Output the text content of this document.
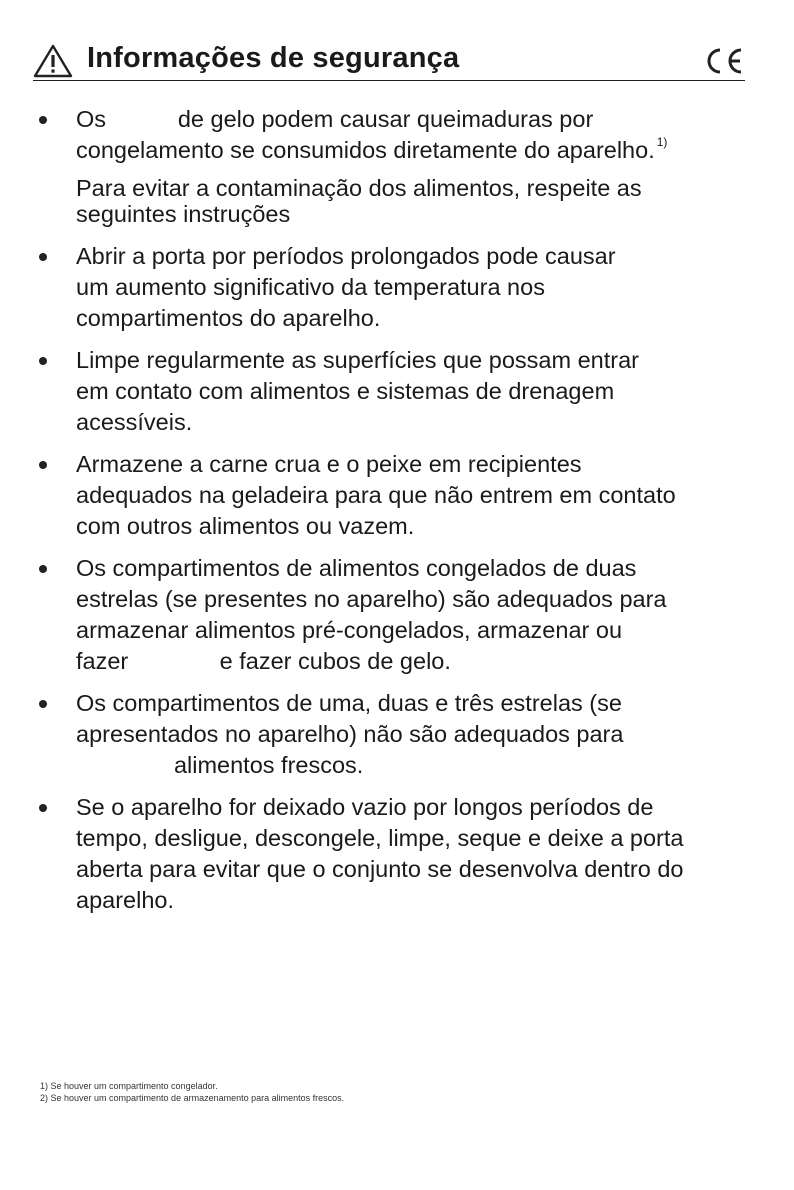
Informações de segurança
Os           de gelo podem causar queimaduras por
congelamento se consumidos diretamente do aparelho. $^{1)}$
Para evitar a contaminação dos alimentos, respeite as
seguintes instruções
Abrir a porta por períodos prolongados pode causar
um aumento significativo da temperatura nos
compartimentos do aparelho.
Limpe regularmente as superfícies que possam entrar
em contato com alimentos e sistemas de drenagem
acessíveis.
Armazene a carne crua e o peixe em recipientes
adequados na geladeira para que não entrem em contato
com outros alimentos ou vazem.
Os compartimentos de alimentos congelados de duas
estrelas (se presentes no aparelho) são adequados para
armazenar alimentos pré-congelados, armazenar ou
fazer              e fazer cubos de gelo.
Os compartimentos de uma, duas e três estrelas (se
apresentados no aparelho) não são adequados para
alimentos frescos.
Se o aparelho for deixado vazio por longos períodos de
tempo, desligue, descongele, limpe, seque e deixe a porta
aberta para evitar que o conjunto se desenvolva dentro do
aparelho.
1) Se houver um compartimento congelador.
2) Se houver um compartimento de armazenamento para alimentos frescos.
